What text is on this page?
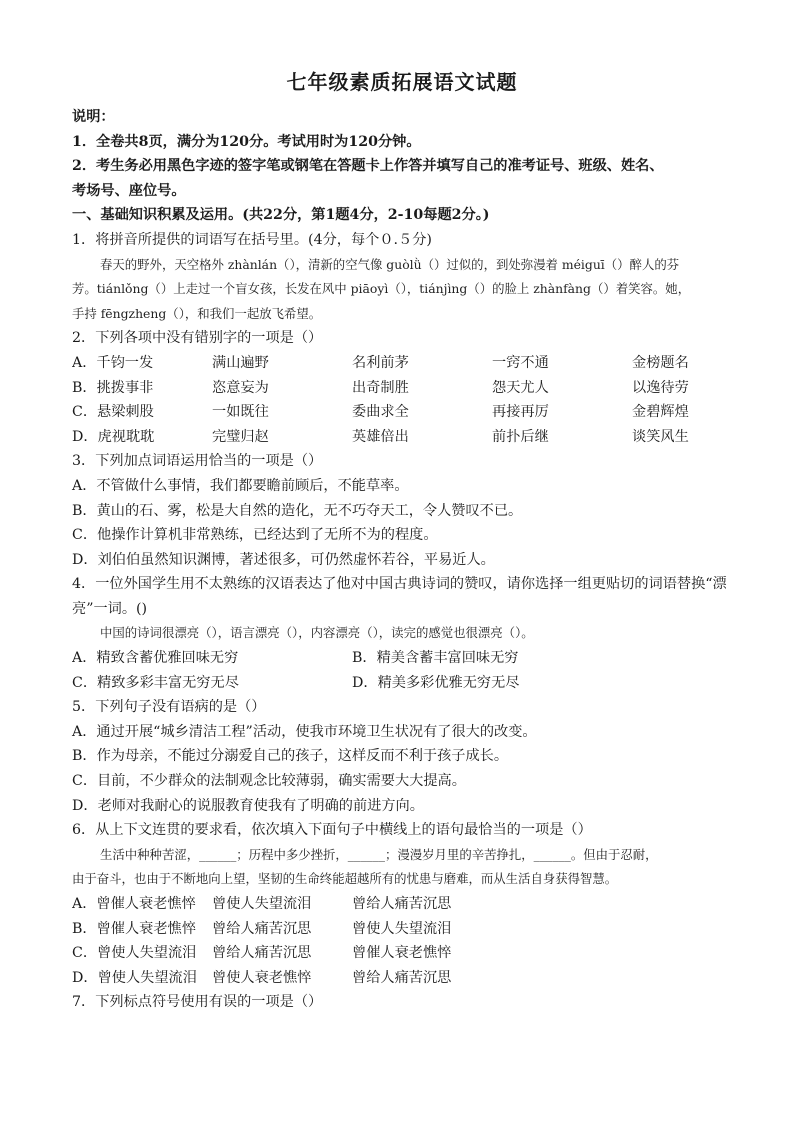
七年级素质拓展语文试题
说明：
1．全卷共8页，满分为120分。考试用时为120分钟。
2．考生务必用黑色字迹的签字笔或钢笔在答题卡上作答并填写自己的准考证号、班级、姓名、
考场号、座位号。
一、基础知识积累及运用。(共22分，第1题4分，2-10每题2分。)
1．将拼音所提供的词语写在括号里。(4分，每个０.５分)
春天的野外，天空格外 zhànlán（），清新的空气像 guòlǜ（）过似的，到处弥漫着 méiguī（）醉人的芬
芳。tiánlǒng（）上走过一个盲女孩，长发在风中 piāoyì（），tiánjìng（）的脸上 zhànfàng（）着笑容。她，
手持 fēngzheng（），和我们一起放飞希望。
2．下列各项中没有错别字的一项是（）
A．千钧一发	满山遍野	名利前茅	一窍不通	金榜题名
B．挑拨事非	恣意妄为	出奇制胜	怨天尤人	以逸待劳
C．悬梁刺股	一如既往	委曲求全	再接再厉	金碧辉煌
D．虎视耽耽	完璧归赵	英雄倍出	前扑后继	谈笑风生
3．下列加点词语运用恰当的一项是（）
A．不管做什么事情，我们都要瞻前顾后，不能草率。
B．黄山的石、雾，松是大自然的造化，无不巧夺天工，令人赞叹不已。
C．他操作计算机非常熟练，已经达到了无所不为的程度。
D．刘伯伯虽然知识渊博，著述很多，可仍然虚怀若谷，平易近人。
4．一位外国学生用不太熟练的汉语表达了他对中国古典诗词的赞叹，请你选择一组更贴切的词语替换“漂
亮”一词。()
中国的诗词很漂亮（），语言漂亮（），内容漂亮（），读完的感觉也很漂亮（）。
A．精致含蓄优雅回味无穷	B．精美含蓄丰富回味无穷
C．精致多彩丰富无穷无尽	D．精美多彩优雅无穷无尽
5．下列句子没有语病的是（）
A．通过开展“城乡清洁工程”活动，使我市环境卫生状况有了很大的改变。
B．作为母亲，不能过分溺爱自己的孩子，这样反而不利于孩子成长。
C．目前，不少群众的法制观念比较薄弱，确实需要大大提高。
D．老师对我耐心的说服教育使我有了明确的前进方向。
6．从上下文连贯的要求看，依次填入下面句子中横线上的语句最恰当的一项是（）
生活中种种苦涩，______；历程中多少挫折，______；漫漫岁月里的辛苦挣扎，______。但由于忍耐，
由于奋斗，也由于不断地向上望，坚韧的生命终能超越所有的忧患与磨难，而从生活自身获得智慧。
A．曾催人衰老憔悴	曾使人失望流泪	曾给人痛苦沉思
B．曾催人衰老憔悴	曾给人痛苦沉思	曾使人失望流泪
C．曾使人失望流泪	曾给人痛苦沉思	曾催人衰老憔悴
D．曾使人失望流泪	曾使人衰老憔悴	曾给人痛苦沉思
7．下列标点符号使用有误的一项是（）
